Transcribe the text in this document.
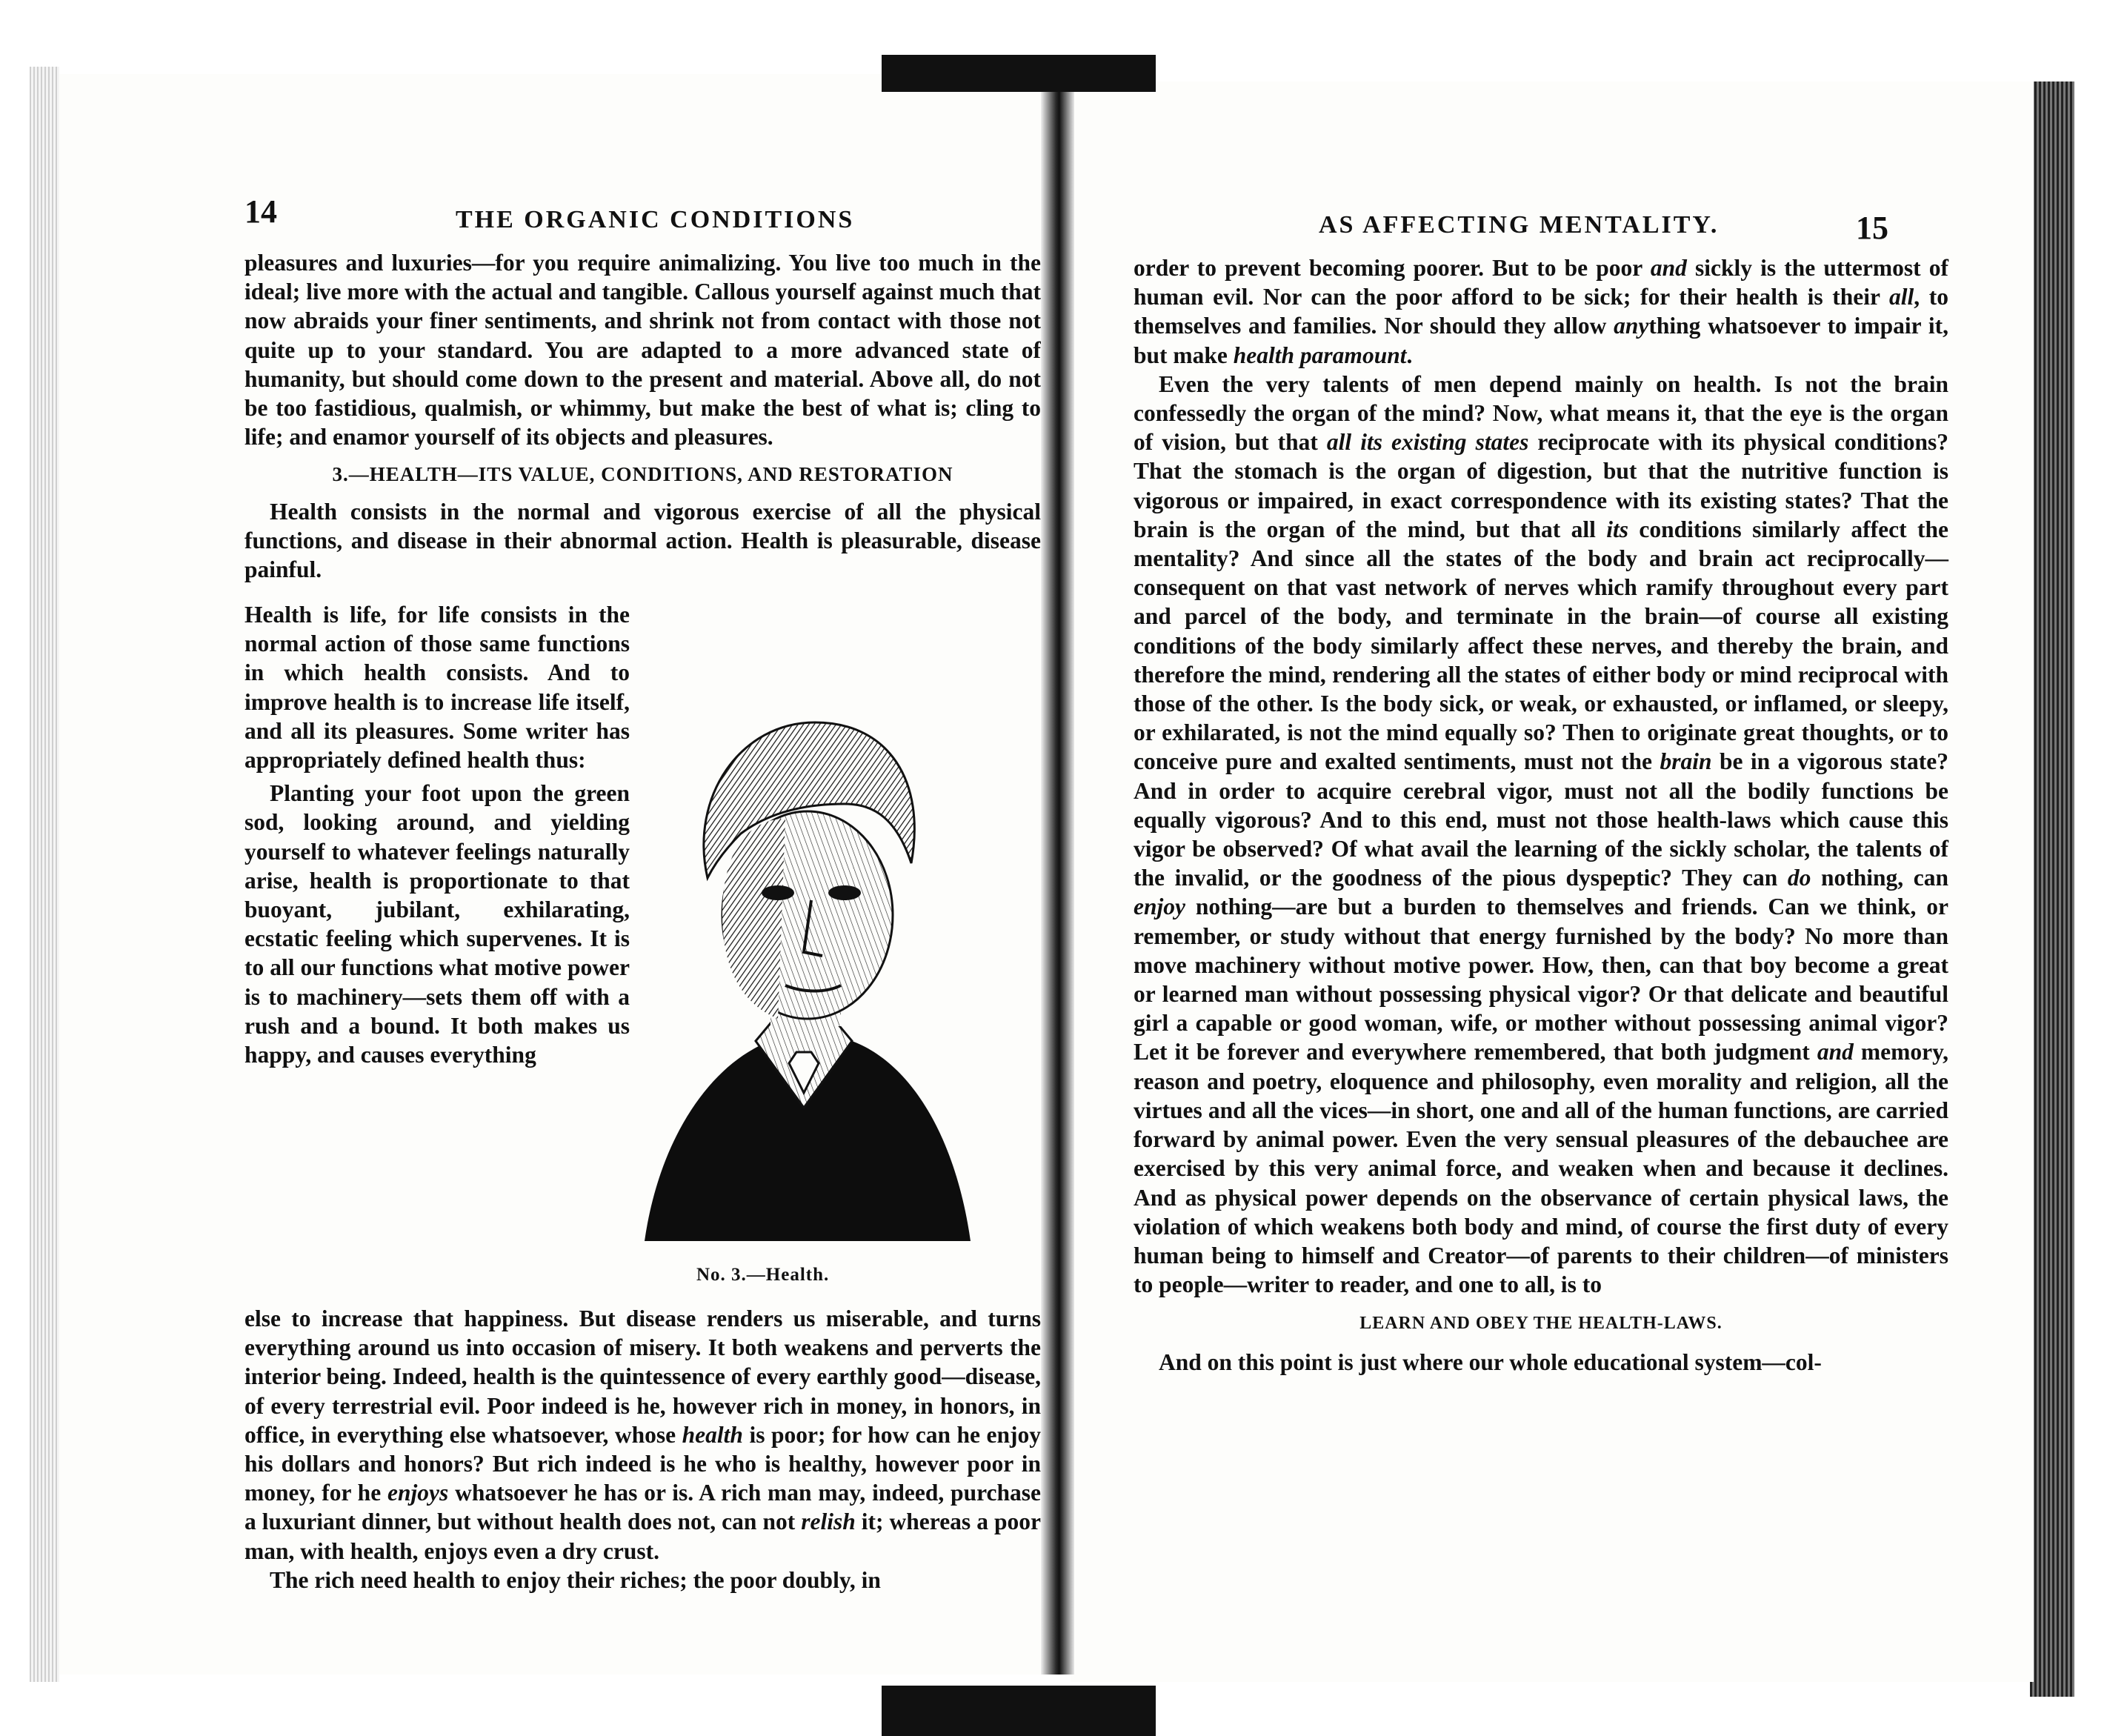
14	THE ORGANIC CONDITIONS

pleasures and luxuries—for you require animalizing. You live too much in the ideal; live more with the actual and tangible. Callous yourself against much that now abraids your finer sentiments, and shrink not from contact with those not quite up to your standard. You are adapted to a more advanced state of humanity, but should come down to the present and material. Above all, do not be too fastidious, qualmish, or whimmy, but make the best of what is; cling to life; and enamor yourself of its objects and pleasures.

3.—HEALTH—ITS VALUE, CONDITIONS, AND RESTORATION

Health consists in the normal and vigorous exercise of all the physical functions, and disease in their abnormal action. Health is pleasurable, disease painful.

Health is life, for life consists in the normal action of those same functions in which health consists. And to improve health is to increase life itself, and all its pleasures. Some writer has appropriately defined health thus:

Planting your foot upon the green sod, looking around, and yielding yourself to whatever feelings naturally arise, health is proportionate to that buoyant, jubilant, exhilarating, ecstatic feeling which supervenes. It is to all our functions what motive power is to machinery—sets them off with a rush and a bound. It both makes us happy, and causes everything

No. 3.—Health.

else to increase that happiness. But disease renders us miserable, and turns everything around us into occasion of misery. It both weakens and perverts the interior being. Indeed, health is the quintessence of every earthly good—disease, of every terrestrial evil. Poor indeed is he, however rich in money, in honors, in office, in everything else whatsoever, whose health is poor; for how can he enjoy his dollars and honors? But rich indeed is he who is healthy, however poor in money, for he enjoys whatsoever he has or is. A rich man may, indeed, purchase a luxuriant dinner, but without health does not, can not relish it; whereas a poor man, with health, enjoys even a dry crust.

The rich need health to enjoy their riches; the poor doubly, in

AS AFFECTING MENTALITY.	15

order to prevent becoming poorer. But to be poor and sickly is the uttermost of human evil. Nor can the poor afford to be sick; for their health is their all, to themselves and families. Nor should they allow anything whatsoever to impair it, but make health paramount.

Even the very talents of men depend mainly on health. Is not the brain confessedly the organ of the mind? Now, what means it, that the eye is the organ of vision, but that all its existing states reciprocate with its physical conditions? That the stomach is the organ of digestion, but that the nutritive function is vigorous or impaired, in exact correspondence with its existing states? That the brain is the organ of the mind, but that all its conditions similarly affect the mentality? And since all the states of the body and brain act reciprocally—consequent on that vast network of nerves which ramify throughout every part and parcel of the body, and terminate in the brain—of course all existing conditions of the body similarly affect these nerves, and thereby the brain, and therefore the mind, rendering all the states of either body or mind reciprocal with those of the other. Is the body sick, or weak, or exhausted, or inflamed, or sleepy, or exhilarated, is not the mind equally so? Then to originate great thoughts, or to conceive pure and exalted sentiments, must not the brain be in a vigorous state? And in order to acquire cerebral vigor, must not all the bodily functions be equally vigorous? And to this end, must not those health-laws which cause this vigor be observed? Of what avail the learning of the sickly scholar, the talents of the invalid, or the goodness of the pious dyspeptic? They can do nothing, can enjoy nothing—are but a burden to themselves and friends. Can we think, or remember, or study without that energy furnished by the body? No more than move machinery without motive power. How, then, can that boy become a great or learned man without possessing physical vigor? Or that delicate and beautiful girl a capable or good woman, wife, or mother without possessing animal vigor? Let it be forever and everywhere remembered, that both judgment and memory, reason and poetry, eloquence and philosophy, even morality and religion, all the virtues and all the vices—in short, one and all of the human functions, are carried forward by animal power. Even the very sensual pleasures of the debauchee are exercised by this very animal force, and weaken when and because it declines. And as physical power depends on the observance of certain physical laws, the violation of which weakens both body and mind, of course the first duty of every human being to himself and Creator—of parents to their children—of ministers to people—writer to reader, and one to all, is to

LEARN AND OBEY THE HEALTH-LAWS.

And on this point is just where our whole educational system—col-
